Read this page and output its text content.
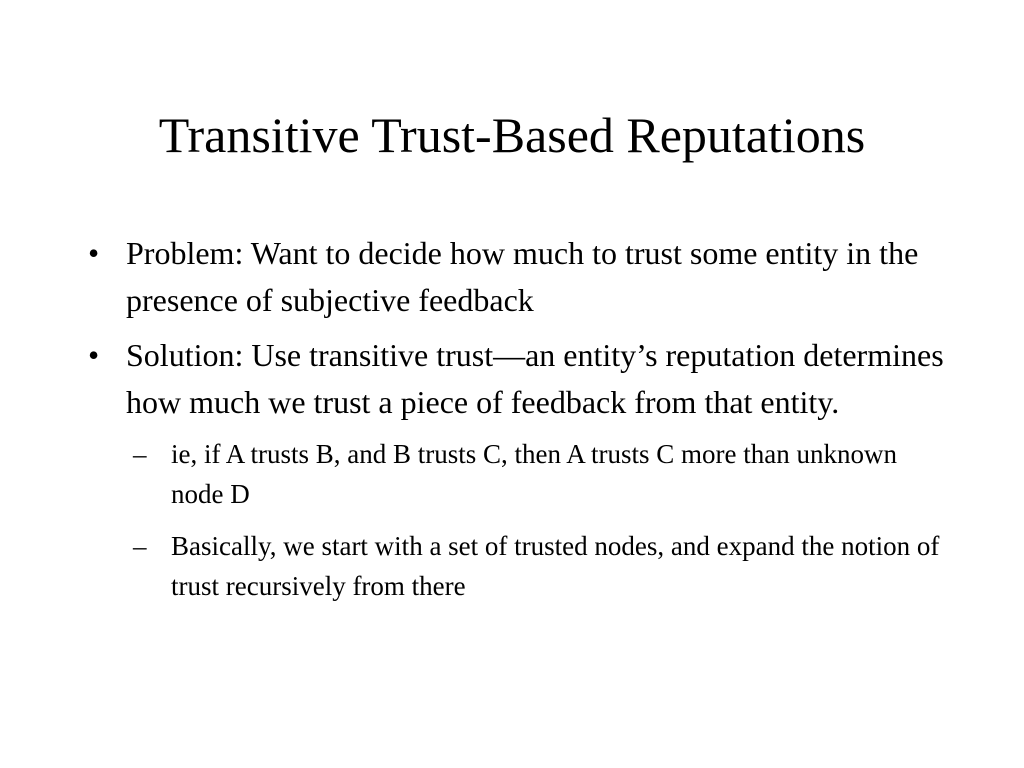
Transitive Trust-Based Reputations
• Problem: Want to decide how much to trust some entity in the presence of subjective feedback
• Solution: Use transitive trust—an entity’s reputation determines how much we trust a piece of feedback from that entity.
– ie, if A trusts B, and B trusts C, then A trusts C more than unknown node D
– Basically, we start with a set of trusted nodes, and expand the notion of trust recursively from there
